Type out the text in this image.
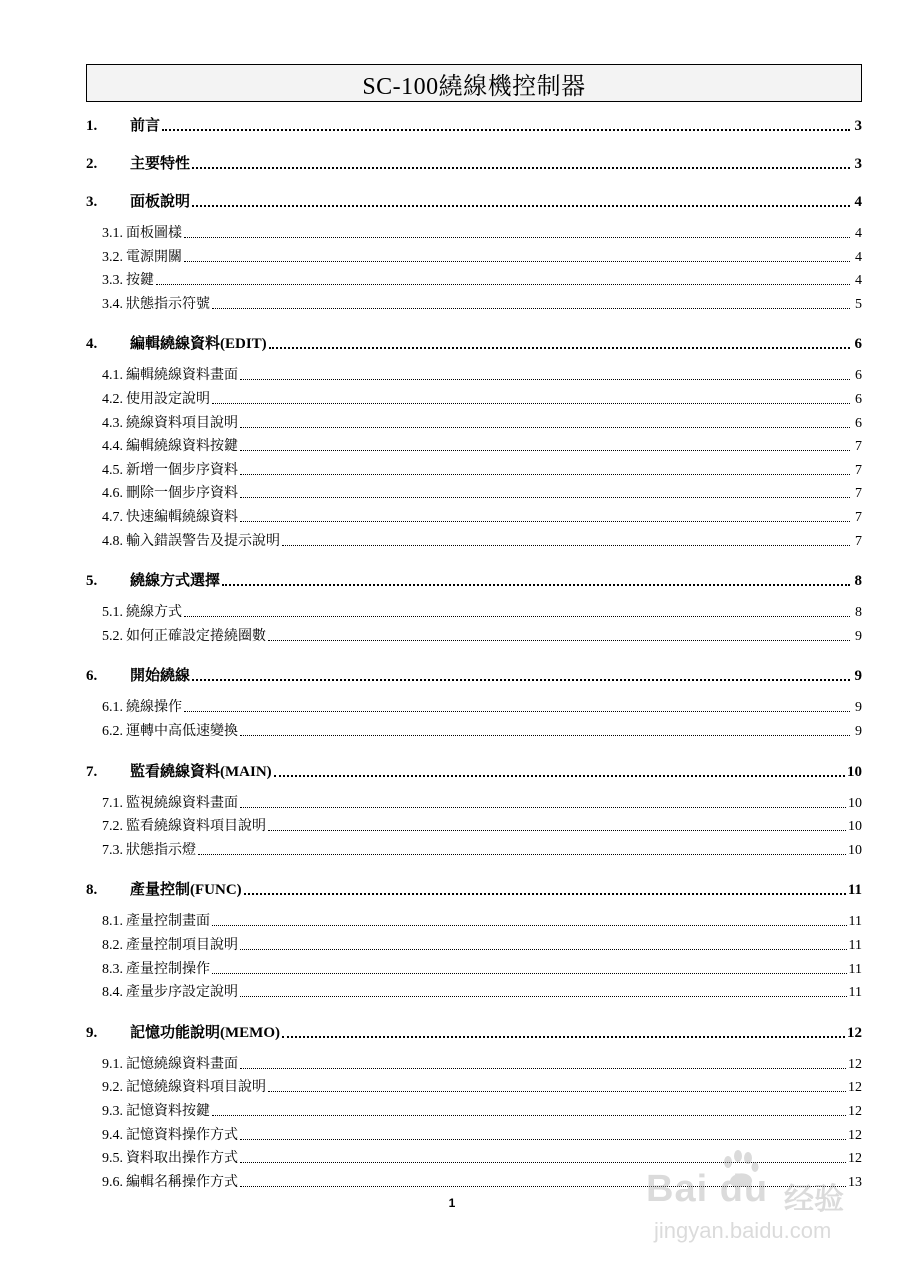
SC-100繞線機控制器
1.	前言	3
2.	主要特性	3
3.	面板說明	4
3.1. 面板圖樣	4
3.2. 電源開關	4
3.3. 按鍵	4
3.4. 狀態指示符號	5
4.	編輯繞線資料(EDIT)	6
4.1. 編輯繞線資料畫面	6
4.2. 使用設定說明	6
4.3. 繞線資料項目說明	6
4.4. 編輯繞線資料按鍵	7
4.5. 新增一個步序資料	7
4.6. 刪除一個步序資料	7
4.7. 快速編輯繞線資料	7
4.8. 輸入錯誤警告及提示說明	7
5.	繞線方式選擇	8
5.1. 繞線方式	8
5.2. 如何正確設定捲繞圈數	9
6.	開始繞線	9
6.1. 繞線操作	9
6.2. 運轉中高低速變換	9
7.	監看繞線資料(MAIN)	10
7.1. 監視繞線資料畫面	10
7.2. 監看繞線資料項目說明	10
7.3. 狀態指示燈	10
8.	產量控制(FUNC)	11
8.1. 產量控制畫面	11
8.2. 產量控制項目說明	11
8.3. 產量控制操作	11
8.4. 產量步序設定說明	11
9.	記憶功能說明(MEMO)	12
9.1. 記憶繞線資料畫面	12
9.2. 記憶繞線資料項目說明	12
9.3. 記憶資料按鍵	12
9.4. 記憶資料操作方式	12
9.5. 資料取出操作方式	12
9.6. 編輯名稱操作方式	13
1	Bai du 经验
jingyan.baidu.com
